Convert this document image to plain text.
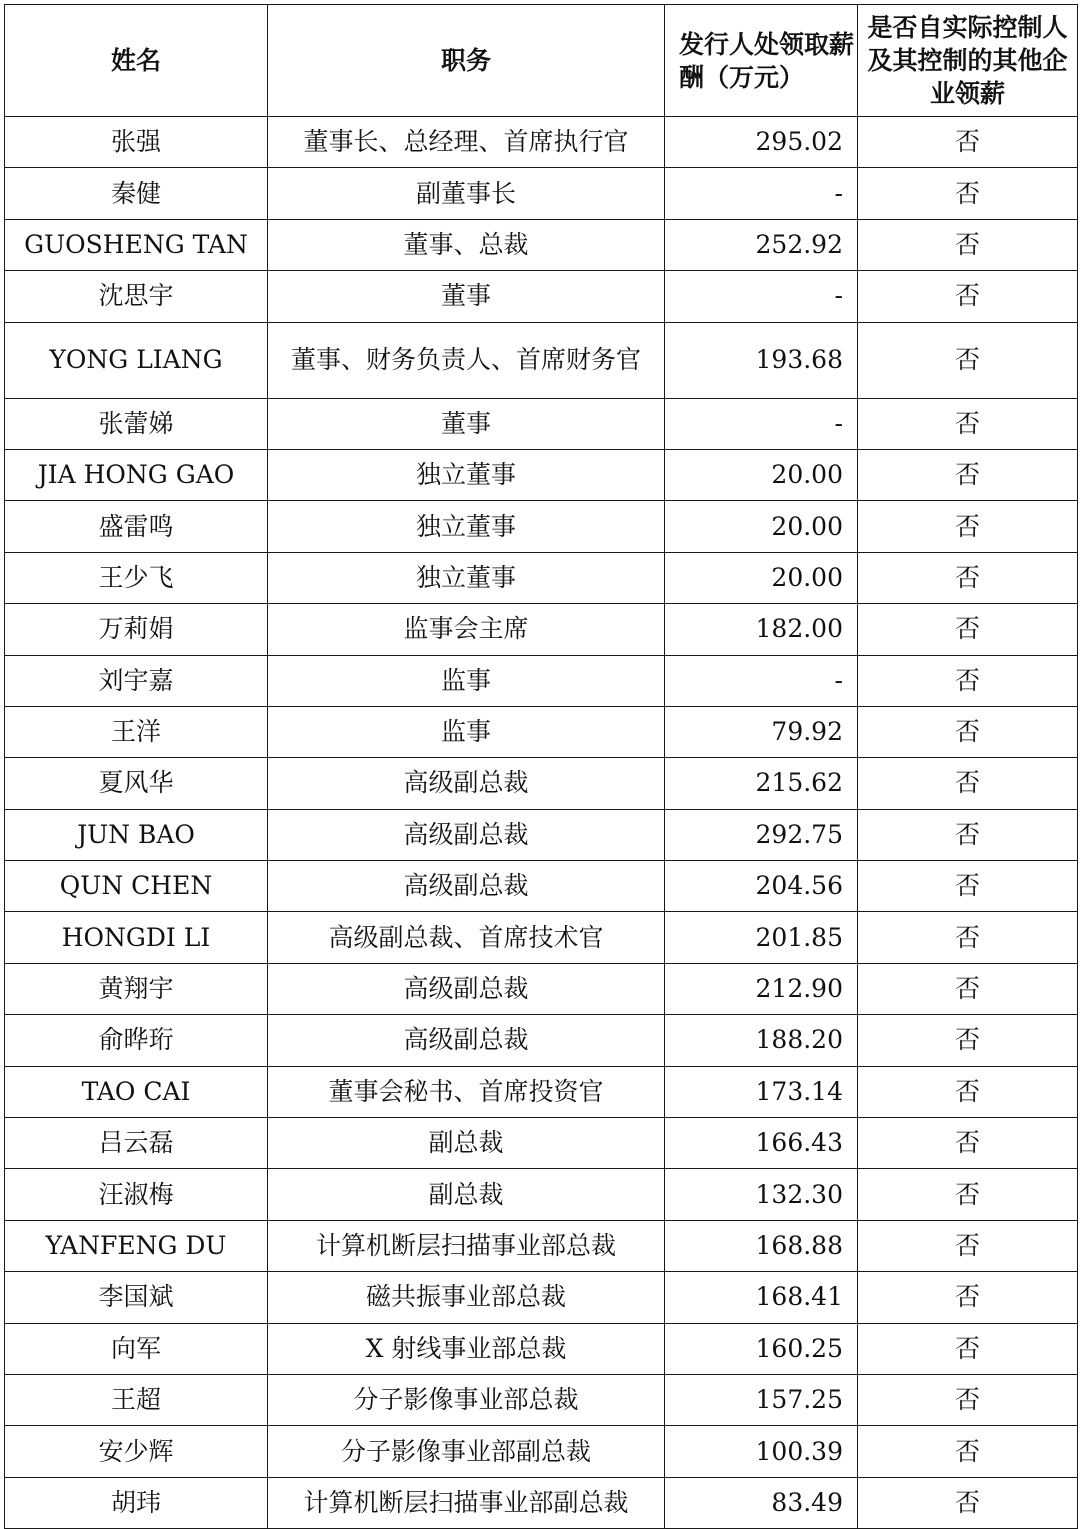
姓名	职务	发行人处领取薪酬（万元）	是否自实际控制人及其控制的其他企业领薪
张强	董事长、总经理、首席执行官	295.02	否
秦健	副董事长	-	否
GUOSHENG TAN	董事、总裁	252.92	否
沈思宇	董事	-	否
YONG LIANG	董事、财务负责人、首席财务官	193.68	否
张蕾娣	董事	-	否
JIA HONG GAO	独立董事	20.00	否
盛雷鸣	独立董事	20.00	否
王少飞	独立董事	20.00	否
万莉娟	监事会主席	182.00	否
刘宇嘉	监事	-	否
王洋	监事	79.92	否
夏风华	高级副总裁	215.62	否
JUN BAO	高级副总裁	292.75	否
QUN CHEN	高级副总裁	204.56	否
HONGDI LI	高级副总裁、首席技术官	201.85	否
黄翔宇	高级副总裁	212.90	否
俞晔珩	高级副总裁	188.20	否
TAO CAI	董事会秘书、首席投资官	173.14	否
吕云磊	副总裁	166.43	否
汪淑梅	副总裁	132.30	否
YANFENG DU	计算机断层扫描事业部总裁	168.88	否
李国斌	磁共振事业部总裁	168.41	否
向军	X 射线事业部总裁	160.25	否
王超	分子影像事业部总裁	157.25	否
安少辉	分子影像事业部副总裁	100.39	否
胡玮	计算机断层扫描事业部副总裁	83.49	否
